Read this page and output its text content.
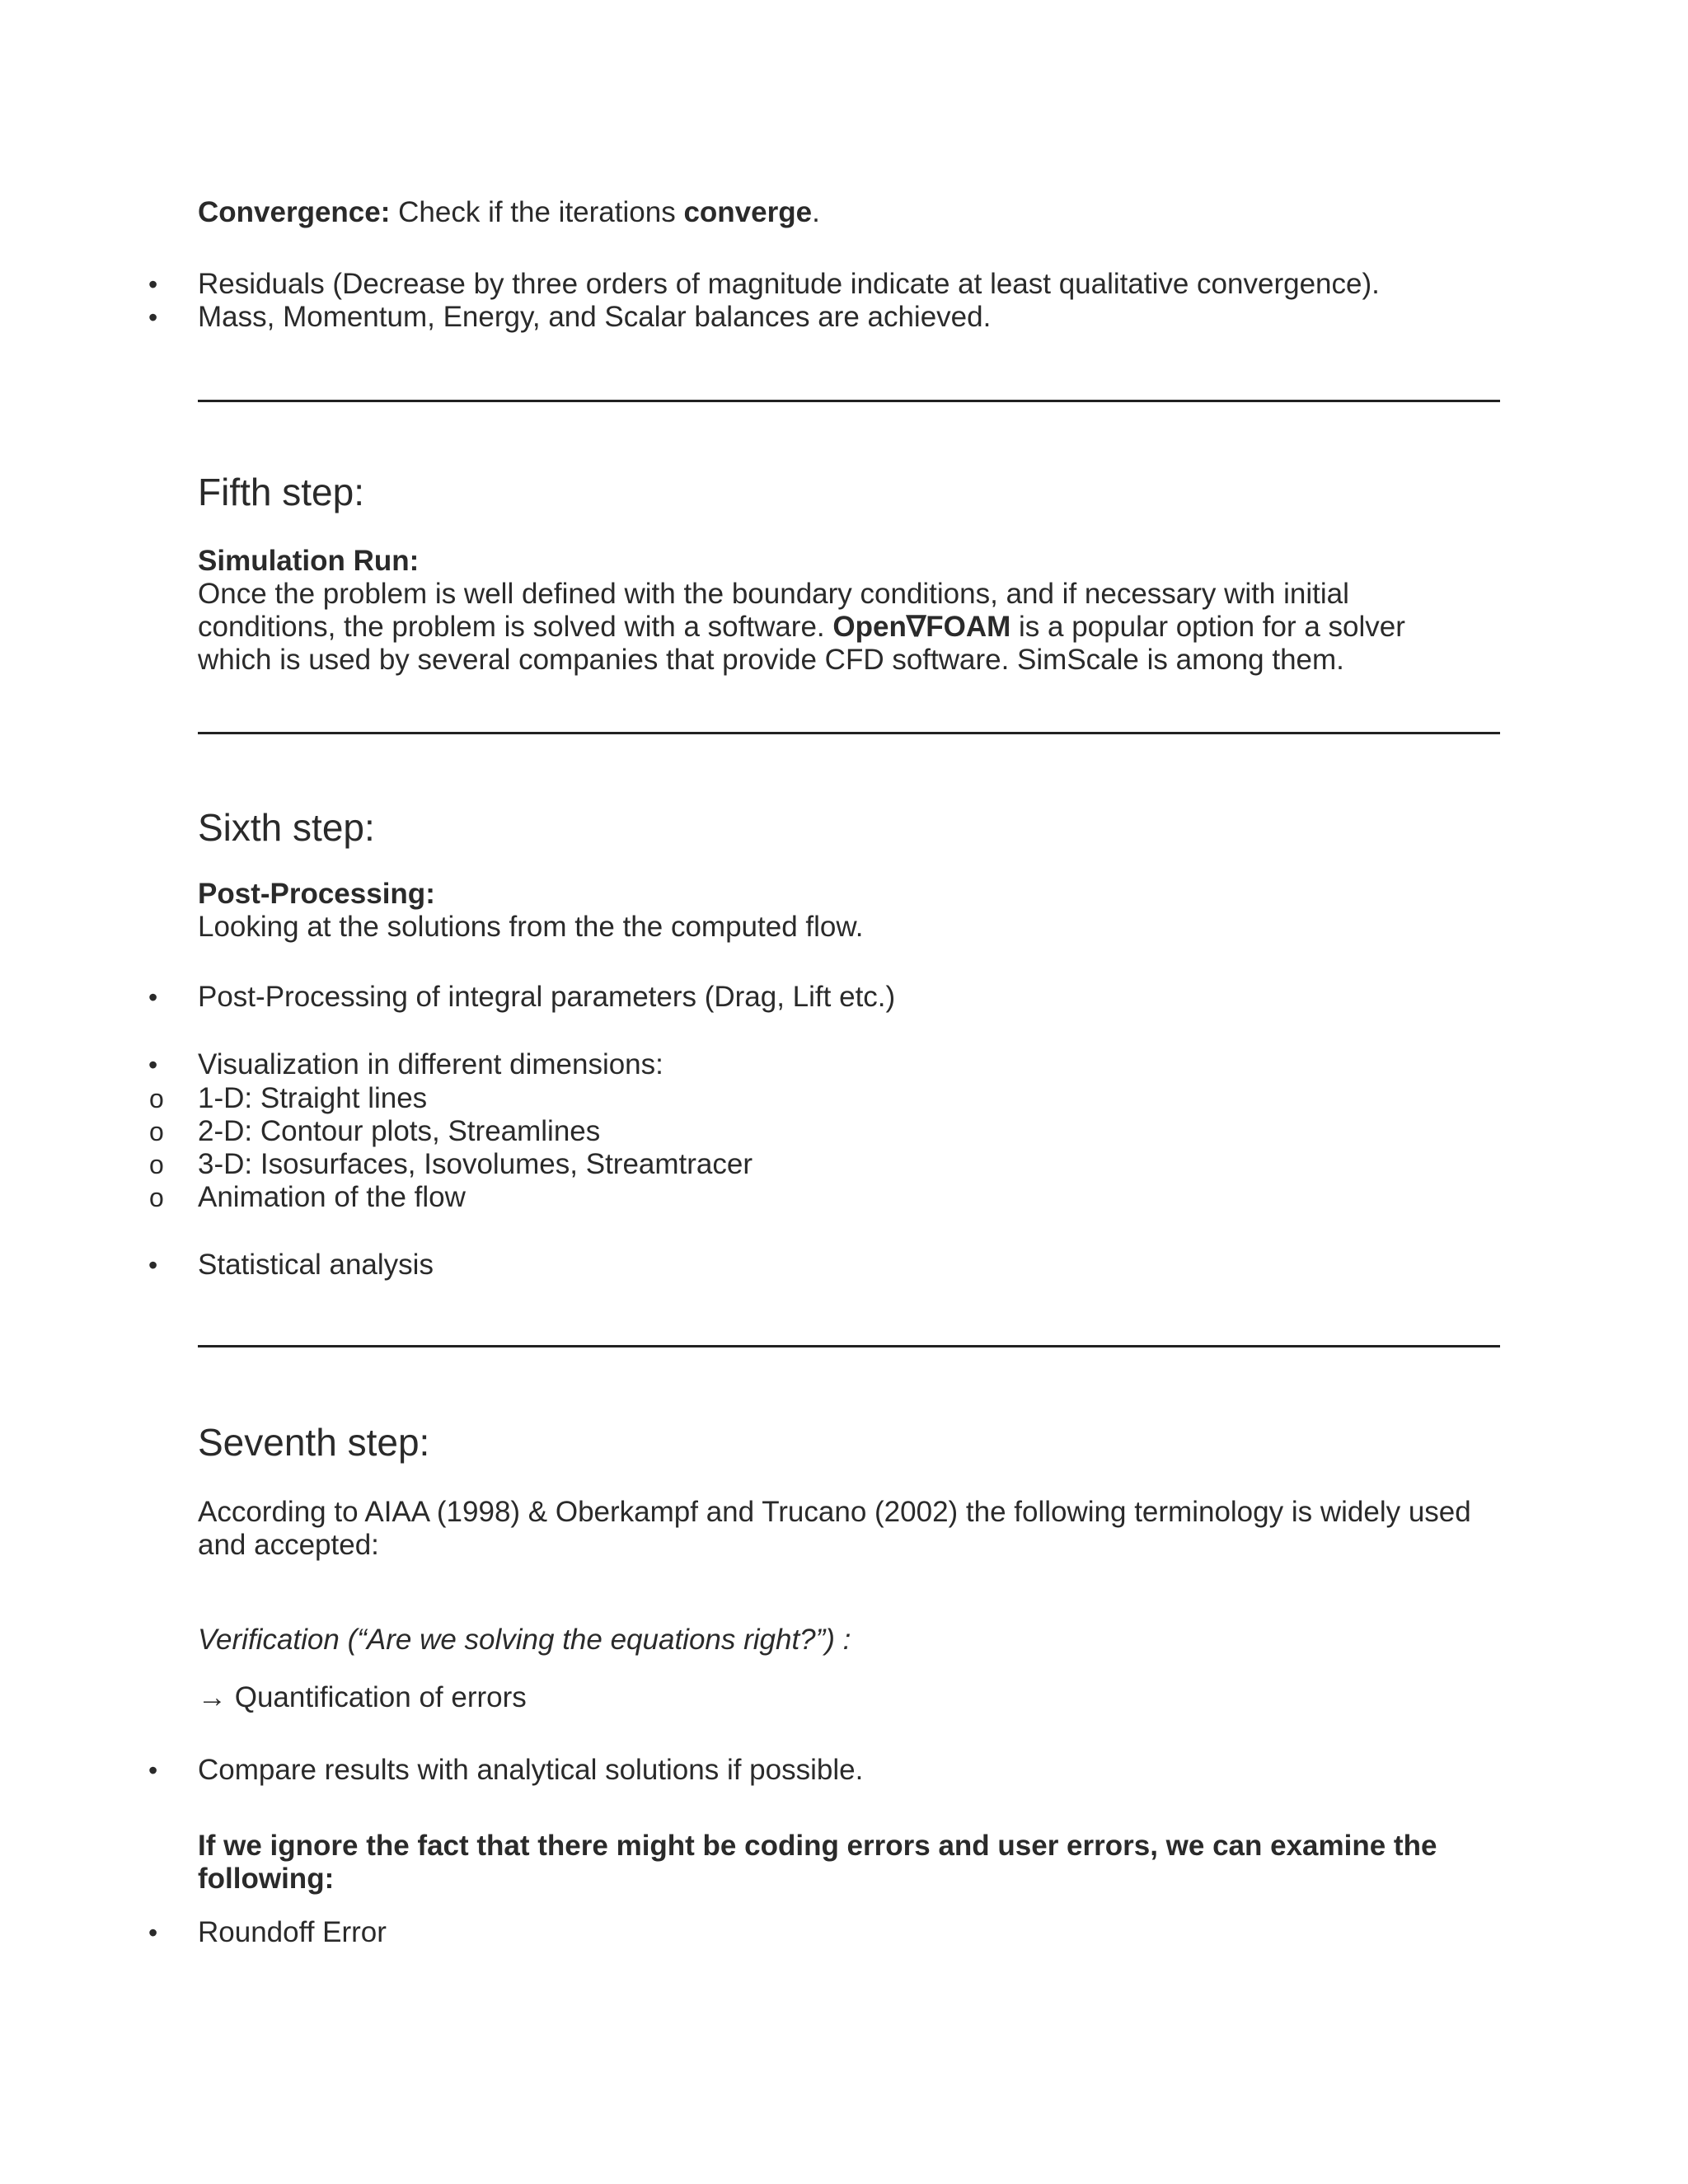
Convergence: Check if the iterations converge.
• Residuals (Decrease by three orders of magnitude indicate at least qualitative convergence).
• Mass, Momentum, Energy, and Scalar balances are achieved.
Fifth step:
Simulation Run:
Once the problem is well defined with the boundary conditions, and if necessary with initial
conditions, the problem is solved with a software. Open∇FOAM is a popular option for a solver
which is used by several companies that provide CFD software. SimScale is among them.
Sixth step:
Post-Processing:
Looking at the solutions from the the computed flow.
• Post-Processing of integral parameters (Drag, Lift etc.)
• Visualization in different dimensions:
o 1-D: Straight lines
o 2-D: Contour plots, Streamlines
o 3-D: Isosurfaces, Isovolumes, Streamtracer
o Animation of the flow
• Statistical analysis
Seventh step:
According to AIAA (1998) & Oberkampf and Trucano (2002) the following terminology is widely used
and accepted:
Verification (“Are we solving the equations right?”) :
→ Quantification of errors
• Compare results with analytical solutions if possible.
If we ignore the fact that there might be coding errors and user errors, we can examine the
following:
• Roundoff Error
